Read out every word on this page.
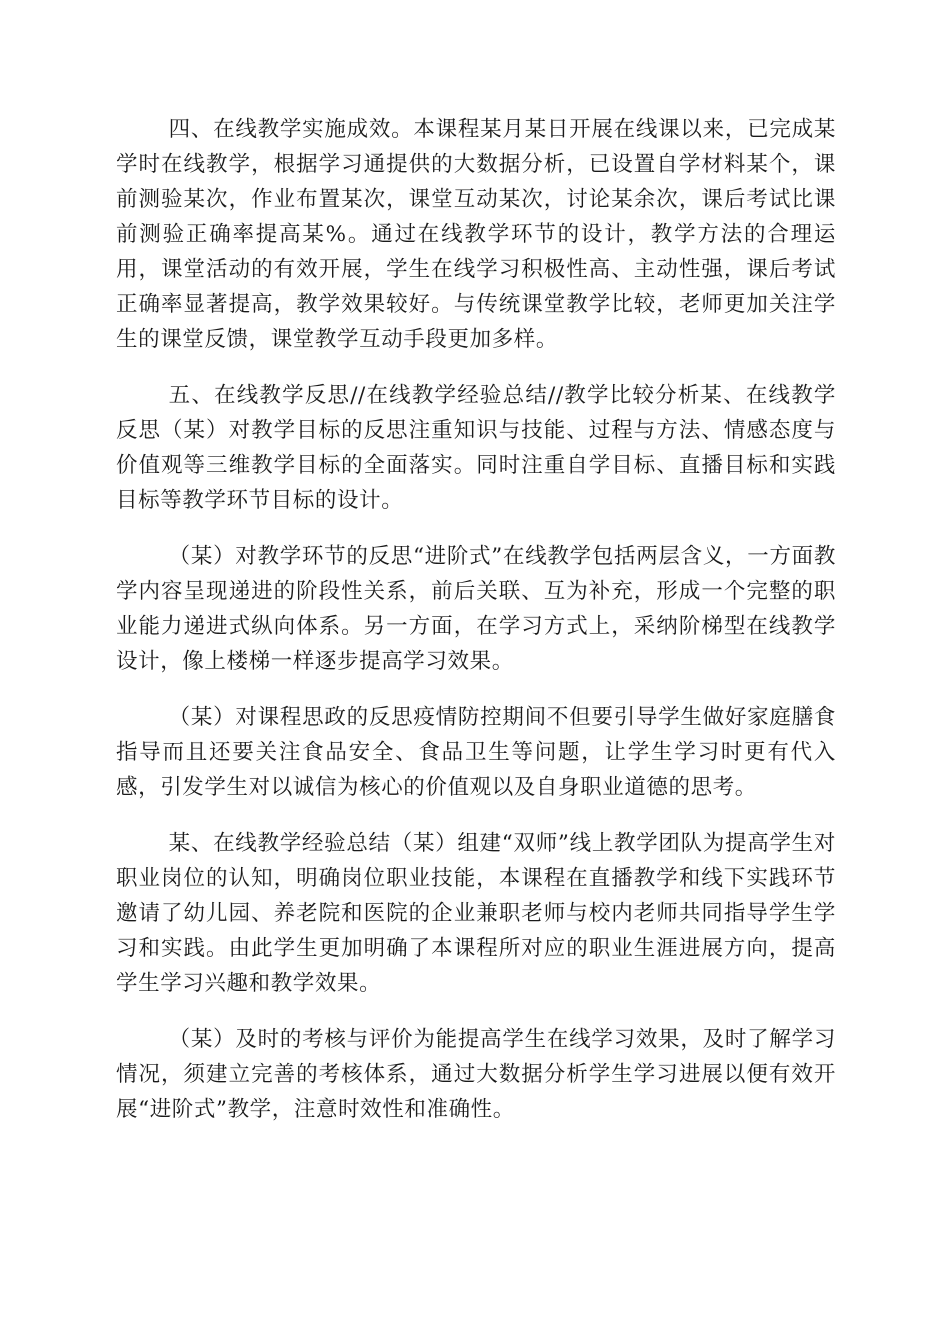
四、在线教学实施成效。本课程某月某日开展在线课以来，已完成某学时在线教学，根据学习通提供的大数据分析，已设置自学材料某个，课前测验某次，作业布置某次，课堂互动某次，讨论某余次，课后考试比课前测验正确率提高某%。通过在线教学环节的设计，教学方法的合理运用，课堂活动的有效开展，学生在线学习积极性高、主动性强，课后考试正确率显著提高，教学效果较好。与传统课堂教学比较，老师更加关注学生的课堂反馈，课堂教学互动手段更加多样。

五、在线教学反思//在线教学经验总结//教学比较分析某、在线教学反思（某）对教学目标的反思注重知识与技能、过程与方法、情感态度与价值观等三维教学目标的全面落实。同时注重自学目标、直播目标和实践目标等教学环节目标的设计。

（某）对教学环节的反思“进阶式”在线教学包括两层含义，一方面教学内容呈现递进的阶段性关系，前后关联、互为补充，形成一个完整的职业能力递进式纵向体系。另一方面，在学习方式上，采纳阶梯型在线教学设计，像上楼梯一样逐步提高学习效果。

（某）对课程思政的反思疫情防控期间不但要引导学生做好家庭膳食指导而且还要关注食品安全、食品卫生等问题，让学生学习时更有代入感，引发学生对以诚信为核心的价值观以及自身职业道德的思考。

某、在线教学经验总结（某）组建“双师”线上教学团队为提高学生对职业岗位的认知，明确岗位职业技能，本课程在直播教学和线下实践环节邀请了幼儿园、养老院和医院的企业兼职老师与校内老师共同指导学生学习和实践。由此学生更加明确了本课程所对应的职业生涯进展方向，提高学生学习兴趣和教学效果。

（某）及时的考核与评价为能提高学生在线学习效果，及时了解学习情况，须建立完善的考核体系，通过大数据分析学生学习进展以便有效开展“进阶式”教学，注意时效性和准确性。
